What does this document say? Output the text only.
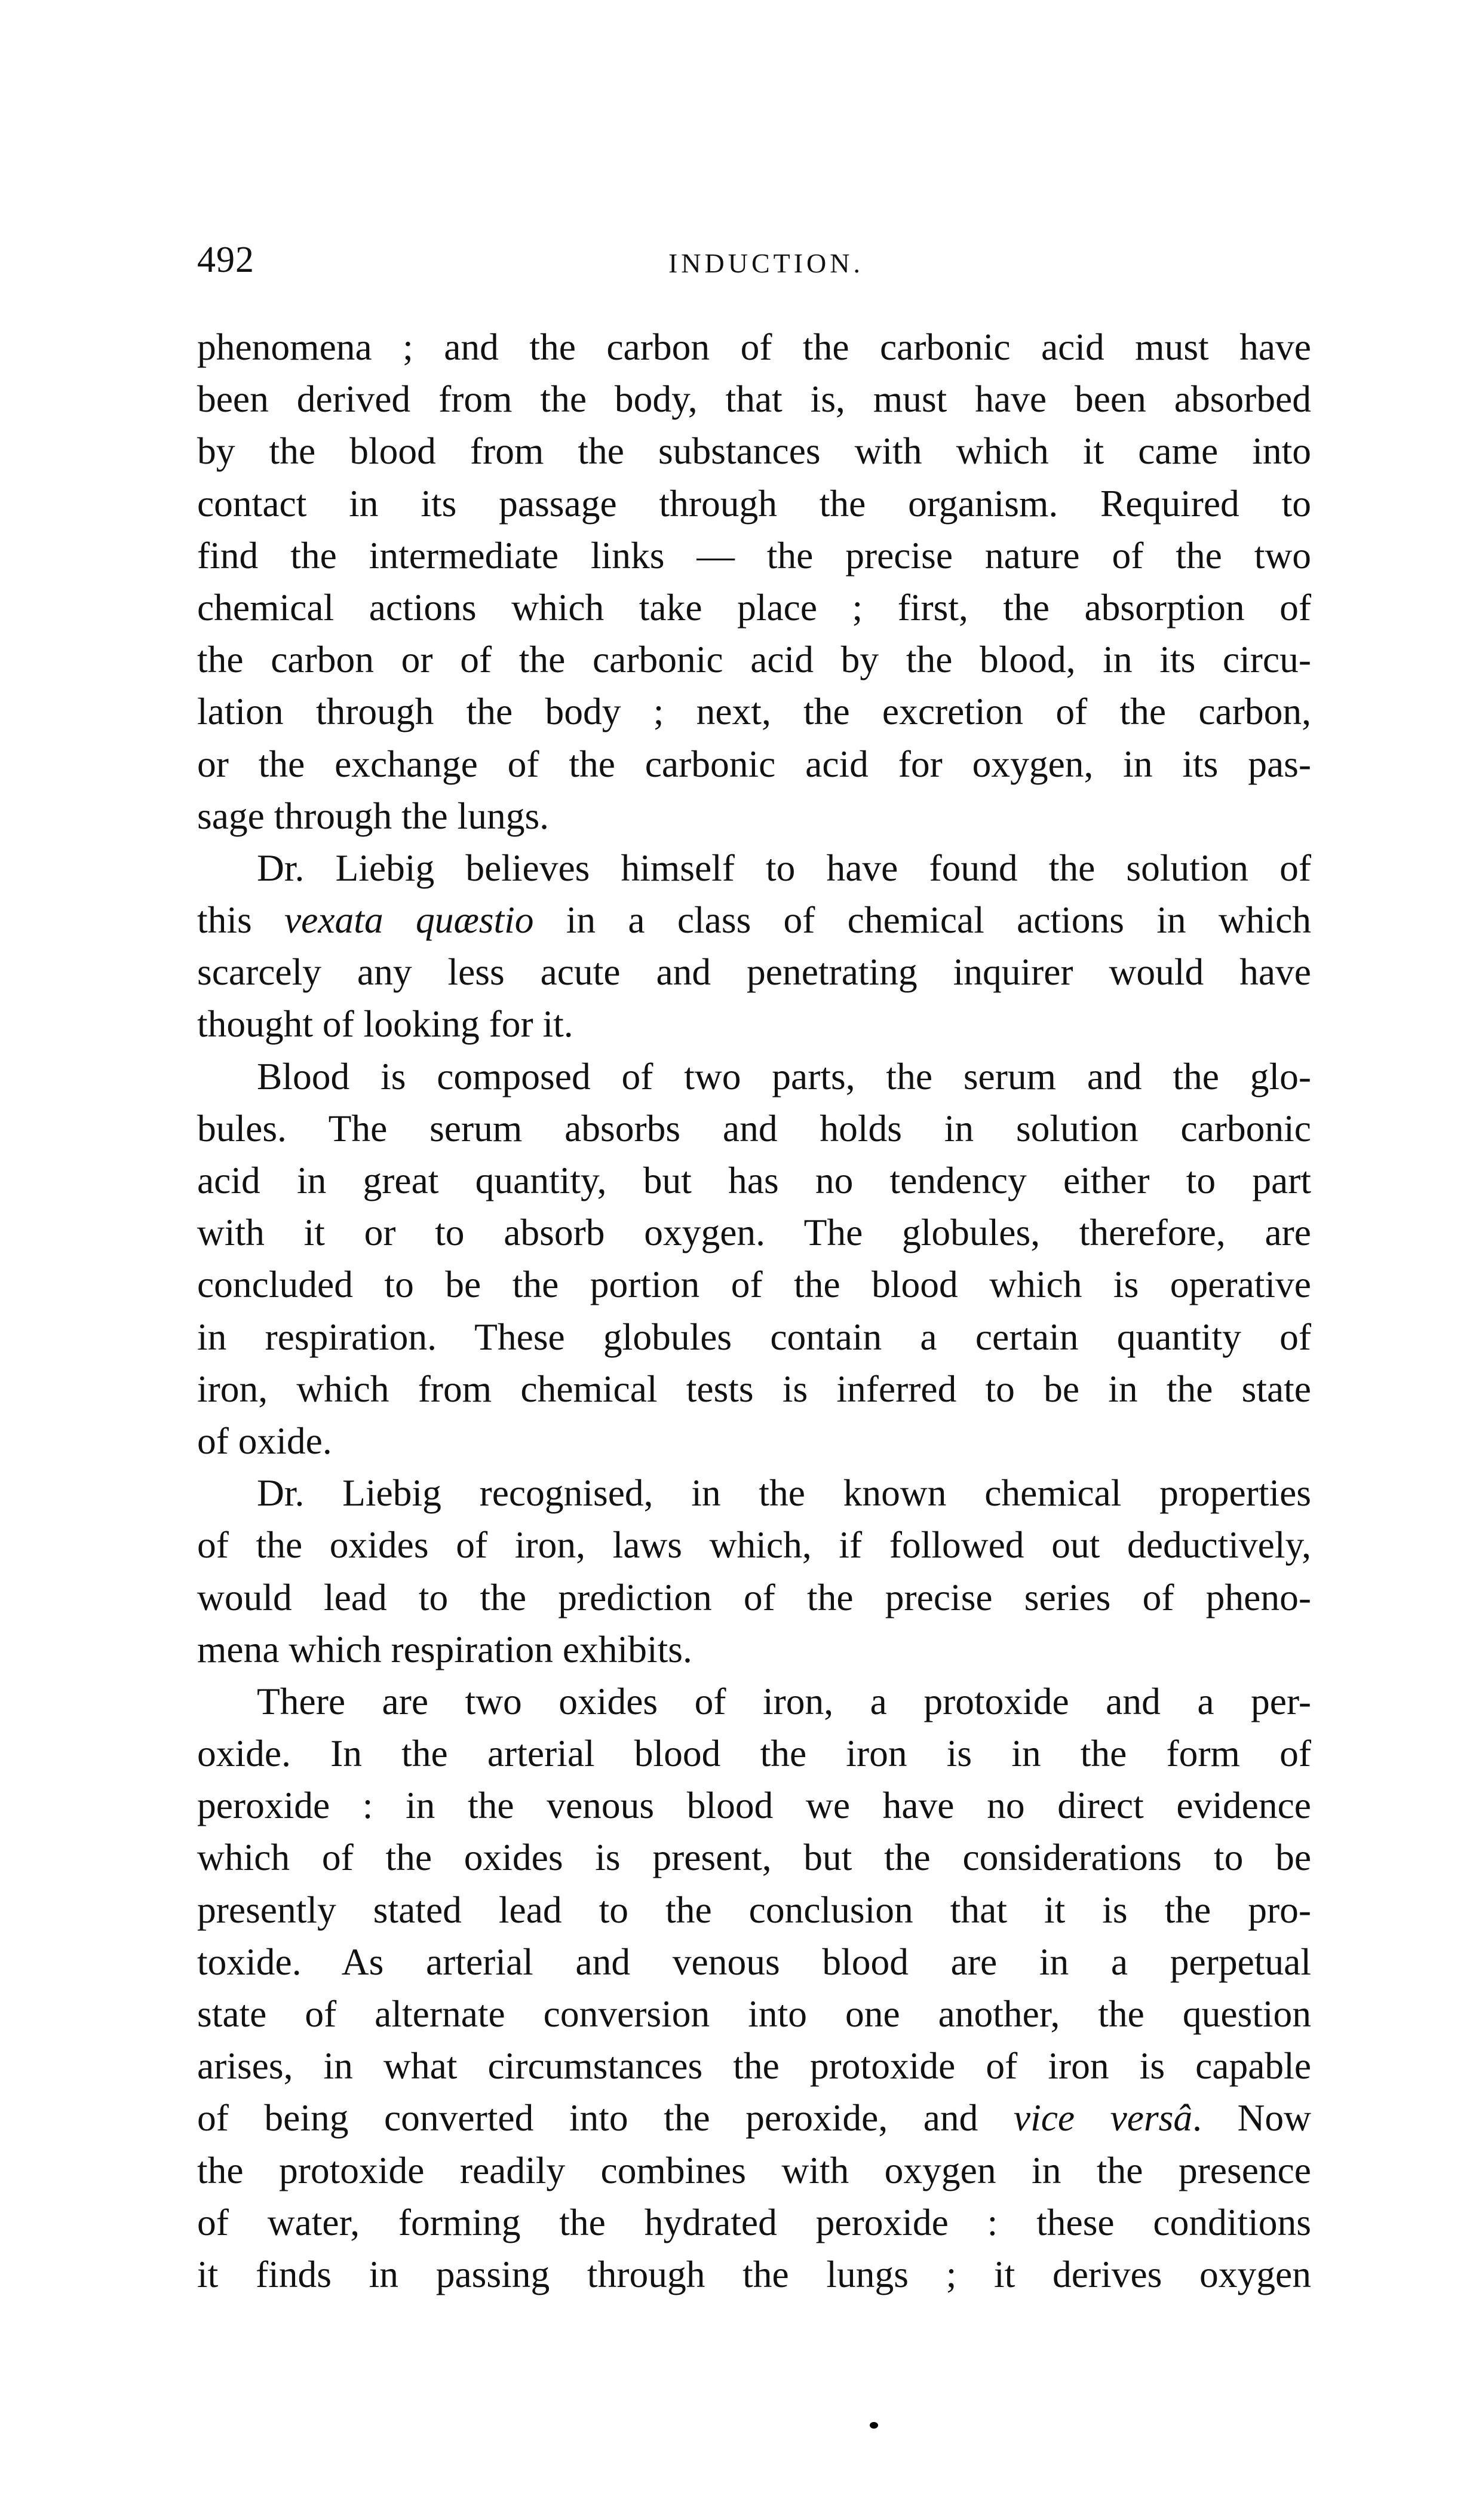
492	INDUCTION.
phenomena ; and the carbon of the carbonic acid must have
been derived from the body, that is, must have been absorbed
by the blood from the substances with which it came into
contact in its passage through the organism. Required to
find the intermediate links — the precise nature of the two
chemical actions which take place ; first, the absorption of
the carbon or of the carbonic acid by the blood, in its circu-
lation through the body ; next, the excretion of the carbon,
or the exchange of the carbonic acid for oxygen, in its pas-
sage through the lungs.
Dr. Liebig believes himself to have found the solution of
this vexata quæstio in a class of chemical actions in which
scarcely any less acute and penetrating inquirer would have
thought of looking for it.
Blood is composed of two parts, the serum and the glo-
bules. The serum absorbs and holds in solution carbonic
acid in great quantity, but has no tendency either to part
with it or to absorb oxygen. The globules, therefore, are
concluded to be the portion of the blood which is operative
in respiration. These globules contain a certain quantity of
iron, which from chemical tests is inferred to be in the state
of oxide.
Dr. Liebig recognised, in the known chemical properties
of the oxides of iron, laws which, if followed out deductively,
would lead to the prediction of the precise series of pheno-
mena which respiration exhibits.
There are two oxides of iron, a protoxide and a per-
oxide. In the arterial blood the iron is in the form of
peroxide : in the venous blood we have no direct evidence
which of the oxides is present, but the considerations to be
presently stated lead to the conclusion that it is the pro-
toxide. As arterial and venous blood are in a perpetual
state of alternate conversion into one another, the question
arises, in what circumstances the protoxide of iron is capable
of being converted into the peroxide, and vice versâ. Now
the protoxide readily combines with oxygen in the presence
of water, forming the hydrated peroxide : these conditions
it finds in passing through the lungs ; it derives oxygen
